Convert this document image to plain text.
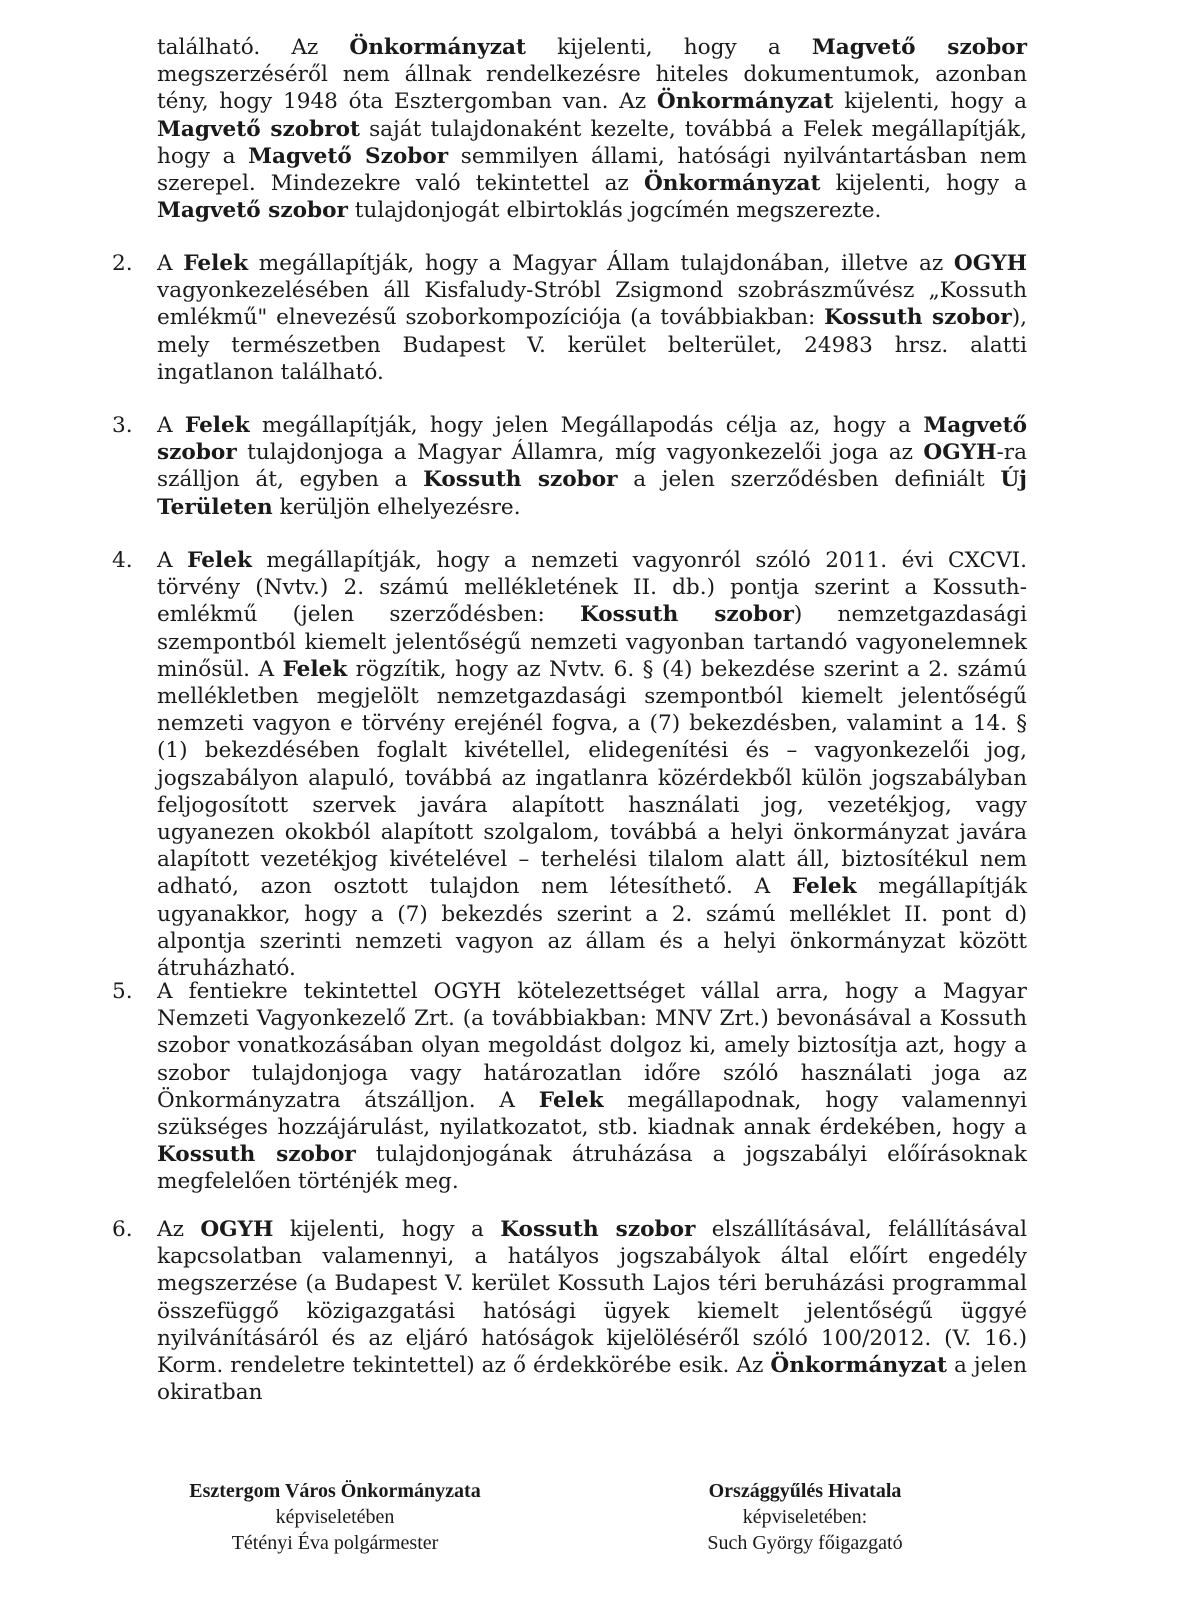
található. Az Önkormányzat kijelenti, hogy a Magvető szobor megszerzéséről nem állnak rendelkezésre hiteles dokumentumok, azonban tény, hogy 1948 óta Esztergomban van. Az Önkormányzat kijelenti, hogy a Magvető szobrot saját tulajdonaként kezelte, továbbá a Felek megállapítják, hogy a Magvető Szobor semmilyen állami, hatósági nyilvántartásban nem szerepel. Mindezekre való tekintettel az Önkormányzat kijelenti, hogy a Magvető szobor tulajdonjogát elbirtoklás jogcímén megszerezte.

2. A Felek megállapítják, hogy a Magyar Állam tulajdonában, illetve az OGYH vagyonkezelésében áll Kisfaludy-Stróbl Zsigmond szobrászművész „Kossuth emlékmű" elnevezésű szoborkompozíciója (a továbbiakban: Kossuth szobor), mely természetben Budapest V. kerület belterület, 24983 hrsz. alatti ingatlanon található.

3. A Felek megállapítják, hogy jelen Megállapodás célja az, hogy a Magvető szobor tulajdonjoga a Magyar Államra, míg vagyonkezelői joga az OGYH-ra szálljon át, egyben a Kossuth szobor a jelen szerződésben definiált Új Területen kerüljön elhelyezésre.

4. A Felek megállapítják, hogy a nemzeti vagyonról szóló 2011. évi CXCVI. törvény (Nvtv.) 2. számú mellékletének II. db.) pontja szerint a Kossuth-emlékmű (jelen szerződésben: Kossuth szobor) nemzetgazdasági szempontból kiemelt jelentőségű nemzeti vagyonban tartandó vagyonelemnek minősül. A Felek rögzítik, hogy az Nvtv. 6. § (4) bekezdése szerint a 2. számú mellékletben megjelölt nemzetgazdasági szempontból kiemelt jelentőségű nemzeti vagyon e törvény erejénél fogva, a (7) bekezdésben, valamint a 14. § (1) bekezdésében foglalt kivétellel, elidegenítési és – vagyonkezelői jog, jogszabályon alapuló, továbbá az ingatlanra közérdekből külön jogszabályban feljogosított szervek javára alapított használati jog, vezetékjog, vagy ugyanezen okokból alapított szolgalom, továbbá a helyi önkormányzat javára alapított vezetékjog kivételével – terhelési tilalom alatt áll, biztosítékul nem adható, azon osztott tulajdon nem létesíthető. A Felek megállapítják ugyanakkor, hogy a (7) bekezdés szerint a 2. számú melléklet II. pont d) alpontja szerinti nemzeti vagyon az állam és a helyi önkormányzat között átruházható.

5. A fentiekre tekintettel OGYH kötelezettséget vállal arra, hogy a Magyar Nemzeti Vagyonkezelő Zrt. (a továbbiakban: MNV Zrt.) bevonásával a Kossuth szobor vonatkozásában olyan megoldást dolgoz ki, amely biztosítja azt, hogy a szobor tulajdonjoga vagy határozatlan időre szóló használati joga az Önkormányzatra átszálljon. A Felek megállapodnak, hogy valamennyi szükséges hozzájárulást, nyilatkozatot, stb. kiadnak annak érdekében, hogy a Kossuth szobor tulajdonjogának átruházása a jogszabályi előírásoknak megfelelően történjék meg.

6. Az OGYH kijelenti, hogy a Kossuth szobor elszállításával, felállításával kapcsolatban valamennyi, a hatályos jogszabályok által előírt engedély megszerzése (a Budapest V. kerület Kossuth Lajos téri beruházási programmal összefüggő közigazgatási hatósági ügyek kiemelt jelentőségű üggyé nyilvánításáról és az eljáró hatóságok kijelöléséről szóló 100/2012. (V. 16.) Korm. rendeletre tekintettel) az ő érdekkörébe esik. Az Önkormányzat a jelen okiratban

Esztergom Város Önkormányzata
képviseletében
Tétényi Éva polgármester
Országgyűlés Hivatala
képviseletében:
Such György főigazgató
